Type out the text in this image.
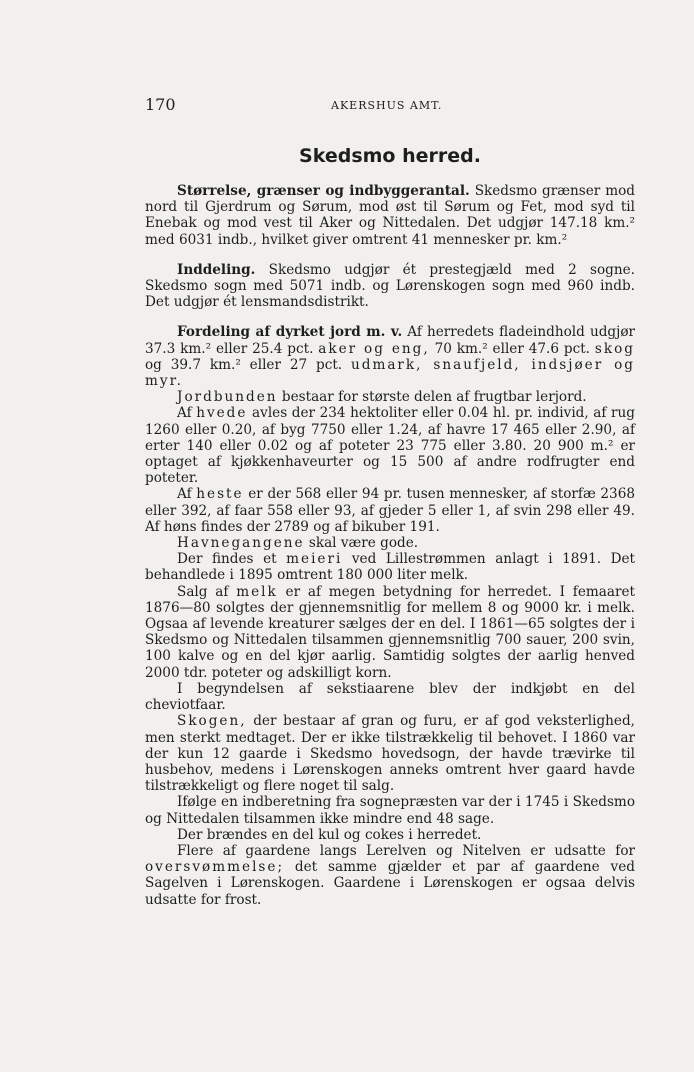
170	AKERSHUS AMT.
Skedsmo herred.

Størrelse, grænser og indbyggerantal. Skedsmo grænser mod nord til Gjerdrum og Sørum, mod øst til Sørum og Fet, mod syd til Enebak og mod vest til Aker og Nittedalen. Det udgjør 147.18 km.² med 6031 indb., hvilket giver omtrent 41 mennesker pr. km.²

Inddeling. Skedsmo udgjør ét prestegjæld med 2 sogne. Skedsmo sogn med 5071 indb. og Lørenskogen sogn med 960 indb. Det udgjør ét lensmandsdistrikt.

Fordeling af dyrket jord m. v. Af herredets fladeindhold udgjør 37.3 km.² eller 25.4 pct. aker og eng, 70 km.² eller 47.6 pct. skog og 39.7 km.² eller 27 pct. udmark, snaufjeld, indsjøer og myr.

Jordbunden bestaar for største delen af frugtbar lerjord.

Af hvede avles der 234 hektoliter eller 0.04 hl. pr. individ, af rug 1260 eller 0.20, af byg 7750 eller 1.24, af havre 17 465 eller 2.90, af erter 140 eller 0.02 og af poteter 23 775 eller 3.80. 20 900 m.² er optaget af kjøkkenhaveurter og 15 500 af andre rodfrugter end poteter.

Af heste er der 568 eller 94 pr. tusen mennesker, af storfæ 2368 eller 392, af faar 558 eller 93, af gjeder 5 eller 1, af svin 298 eller 49. Af høns findes der 2789 og af bikuber 191.

Havnegangene skal være gode.

Der findes et meieri ved Lillestrømmen anlagt i 1891. Det behandlede i 1895 omtrent 180 000 liter melk.

Salg af melk er af megen betydning for herredet. I femaaret 1876—80 solgtes der gjennemsnitlig for mellem 8 og 9000 kr. i melk. Ogsaa af levende kreaturer sælges der en del. I 1861—65 solgtes der i Skedsmo og Nittedalen tilsammen gjennemsnitlig 700 sauer, 200 svin, 100 kalve og en del kjør aarlig. Samtidig solgtes der aarlig henved 2000 tdr. poteter og adskilligt korn.

I begyndelsen af sekstiaarene blev der indkjøbt en del cheviotfaar.

Skogen, der bestaar af gran og furu, er af god veksterlighed, men sterkt medtaget. Der er ikke tilstrækkelig til behovet. I 1860 var der kun 12 gaarde i Skedsmo hovedsogn, der havde trævirke til husbehov, medens i Lørenskogen anneks omtrent hver gaard havde tilstrækkeligt og flere noget til salg.

Ifølge en indberetning fra sognepræsten var der i 1745 i Skedsmo og Nittedalen tilsammen ikke mindre end 48 sage.

Der brændes en del kul og cokes i herredet.

Flere af gaardene langs Lerelven og Nitelven er udsatte for oversvømmelse; det samme gjælder et par af gaardene ved Sagelven i Lørenskogen. Gaardene i Lørenskogen er ogsaa delvis udsatte for frost.
